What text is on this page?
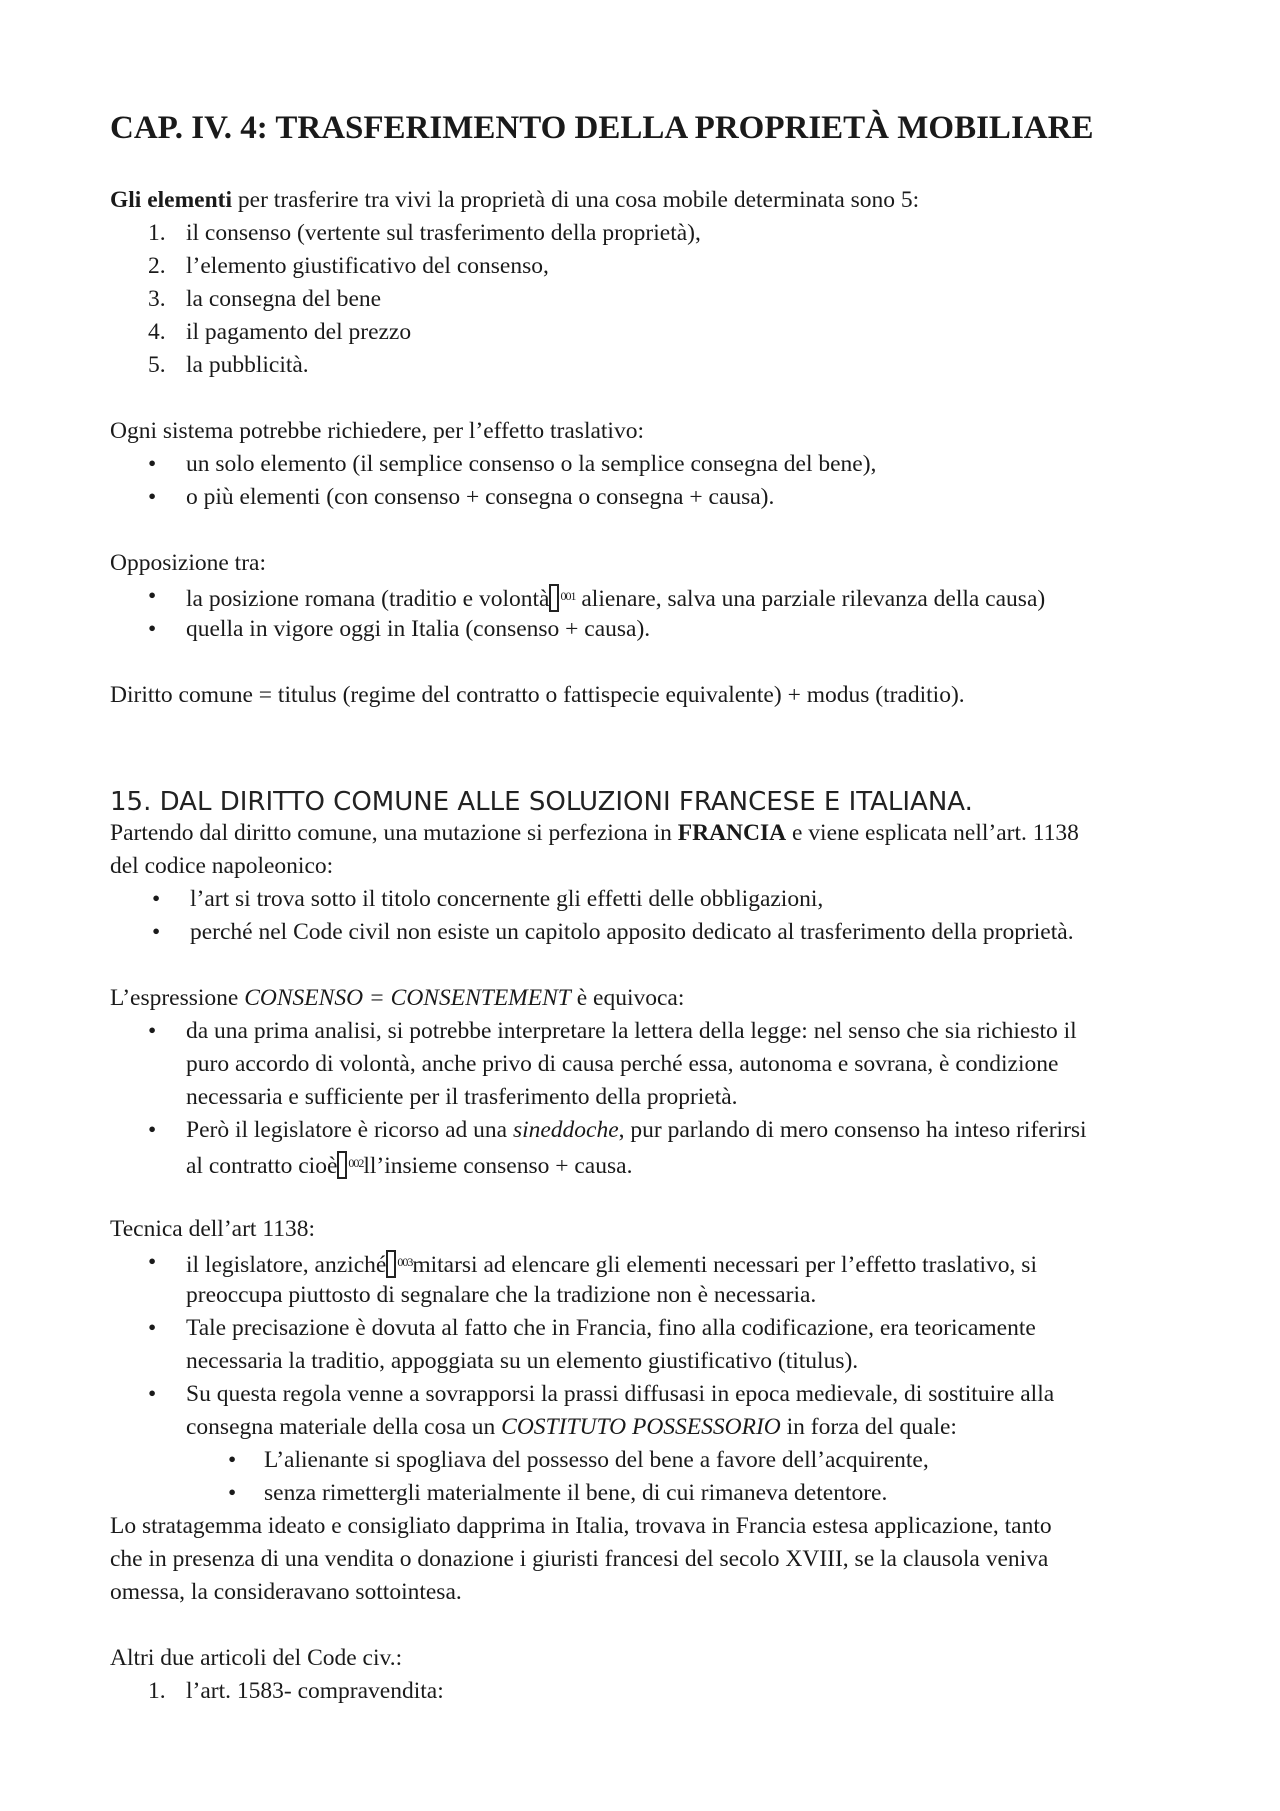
CAP. IV. 4: TRASFERIMENTO DELLA PROPRIETÀ MOBILIARE
Gli elementi per trasferire tra vivi la proprietà di una cosa mobile determinata sono 5:
1. il consenso (vertente sul trasferimento della proprietà),
2. l’elemento giustificativo del consenso,
3. la consegna del bene
4. il pagamento del prezzo
5. la pubblicità.
Ogni sistema potrebbe richiedere, per l’effetto traslativo:
• un solo elemento (il semplice consenso o la semplice consegna del bene),
• o più elementi (con consenso + consegna o consegna + causa).
Opposizione tra:
• la posizione romana (traditio e volontà $^{001}$ alienare, salva una parziale rilevanza della causa)
• quella in vigore oggi in Italia (consenso + causa).
Diritto comune = titulus (regime del contratto o fattispecie equivalente) + modus (traditio).
15. DAL DIRITTO COMUNE ALLE SOLUZIONI FRANCESE E ITALIANA.
Partendo dal diritto comune, una mutazione si perfeziona in FRANCIA e viene esplicata nell’art. 1138
del codice napoleonico:
• l’art si trova sotto il titolo concernente gli effetti delle obbligazioni,
• perché nel Code civil non esiste un capitolo apposito dedicato al trasferimento della proprietà.
L’espressione CONSENSO = CONSENTEMENT è equivoca:
• da una prima analisi, si potrebbe interpretare la lettera della legge: nel senso che sia richiesto il
puro accordo di volontà, anche privo di causa perché essa, autonoma e sovrana, è condizione
necessaria e sufficiente per il trasferimento della proprietà.
• Però il legislatore è ricorso ad una sineddoche, pur parlando di mero consenso ha inteso riferirsi
al contratto cioè $^{002}$ll’insieme consenso + causa.
Tecnica dell’art 1138:
• il legislatore, anziché $^{003}$mitarsi ad elencare gli elementi necessari per l’effetto traslativo, si
preoccupa piuttosto di segnalare che la tradizione non è necessaria.
• Tale precisazione è dovuta al fatto che in Francia, fino alla codificazione, era teoricamente
necessaria la traditio, appoggiata su un elemento giustificativo (titulus).
• Su questa regola venne a sovrapporsi la prassi diffusasi in epoca medievale, di sostituire alla
consegna materiale della cosa un COSTITUTO POSSESSORIO in forza del quale:
• L’alienante si spogliava del possesso del bene a favore dell’acquirente,
• senza rimettergli materialmente il bene, di cui rimaneva detentore.
Lo stratagemma ideato e consigliato dapprima in Italia, trovava in Francia estesa applicazione, tanto
che in presenza di una vendita o donazione i giuristi francesi del secolo XVIII, se la clausola veniva
omessa, la consideravano sottointesa.
Altri due articoli del Code civ.:
1. l’art. 1583- compravendita:
